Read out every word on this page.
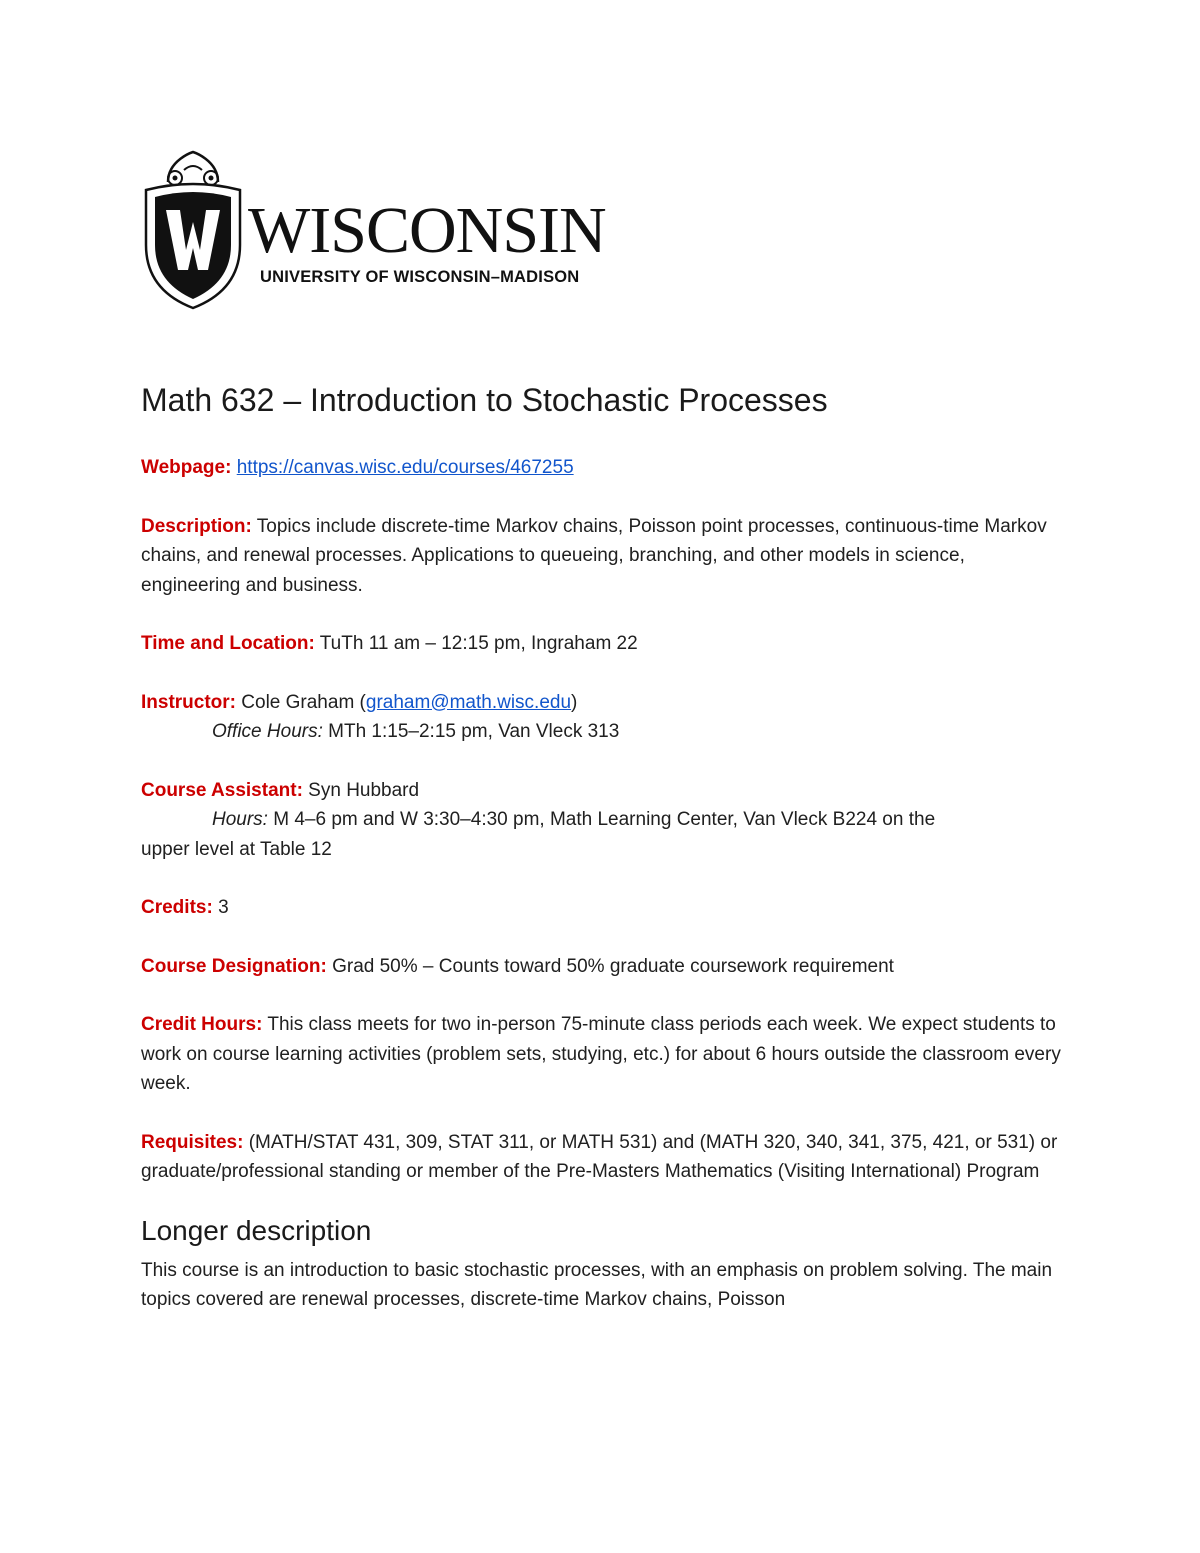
WISCONSIN
UNIVERSITY OF WISCONSIN–MADISON
Math 632 – Introduction to Stochastic Processes

Webpage: https://canvas.wisc.edu/courses/467255

Description: Topics include discrete-time Markov chains, Poisson point processes, continuous-time Markov chains, and renewal processes. Applications to queueing, branching, and other models in science, engineering and business.

Time and Location: TuTh 11 am – 12:15 pm, Ingraham 22

Instructor: Cole Graham (graham@math.wisc.edu)

Office Hours: MTh 1:15–2:15 pm, Van Vleck 313

Course Assistant: Syn Hubbard

Hours: M 4–6 pm and W 3:30–4:30 pm, Math Learning Center, Van Vleck B224 on the

upper level at Table 12

Credits: 3

Course Designation: Grad 50% – Counts toward 50% graduate coursework requirement

Credit Hours: This class meets for two in-person 75-minute class periods each week. We expect students to work on course learning activities (problem sets, studying, etc.) for about 6 hours outside the classroom every week.

Requisites: (MATH/STAT 431, 309, STAT 311, or MATH 531) and (MATH 320, 340, 341, 375, 421, or 531) or graduate/professional standing or member of the Pre-Masters Mathematics (Visiting International) Program

Longer description

This course is an introduction to basic stochastic processes, with an emphasis on problem solving. The main topics covered are renewal processes, discrete-time Markov chains, Poisson
